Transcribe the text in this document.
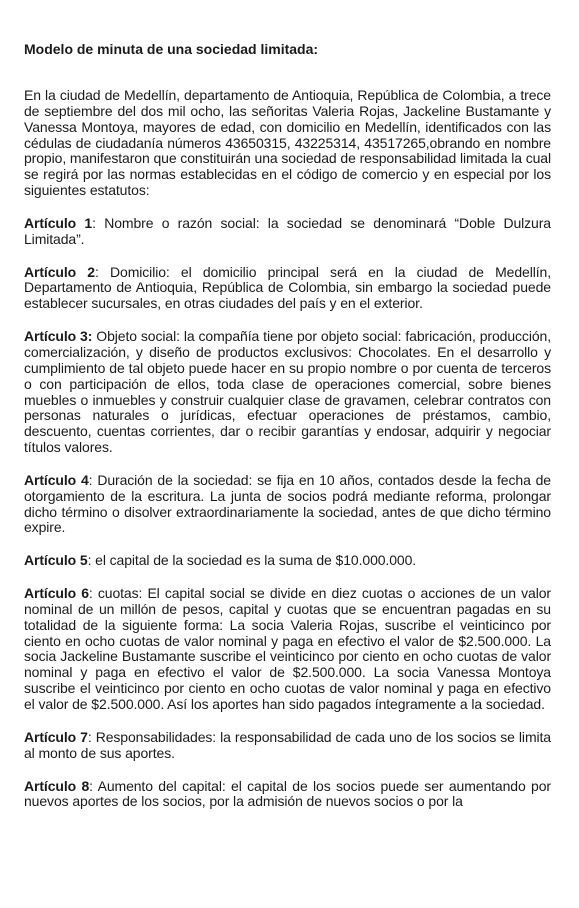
Modelo de minuta de una sociedad limitada:

En la ciudad de Medellín, departamento de Antioquia, República de Colombia, a trece de septiembre del dos mil ocho, las señoritas Valeria Rojas, Jackeline Bustamante y Vanessa Montoya, mayores de edad, con domicilio en Medellín, identificados con las cédulas de ciudadanía números 43650315, 43225314, 43517265,obrando en nombre propio, manifestaron que constituirán una sociedad de responsabilidad limitada la cual se regirá por las normas establecidas en el código de comercio y en especial por los siguientes estatutos:

Artículo 1: Nombre o razón social: la sociedad se denominará “Doble Dulzura Limitada”.

Artículo 2: Domicilio: el domicilio principal será en la ciudad de Medellín, Departamento de Antioquia, República de Colombia, sin embargo la sociedad puede establecer sucursales, en otras ciudades del país y en el exterior.

Artículo 3: Objeto social: la compañía tiene por objeto social: fabricación, producción, comercialización, y diseño de productos exclusivos: Chocolates. En el desarrollo y cumplimiento de tal objeto puede hacer en su propio nombre o por cuenta de terceros o con participación de ellos, toda clase de operaciones comercial, sobre bienes muebles o inmuebles y construir cualquier clase de gravamen, celebrar contratos con personas naturales o jurídicas, efectuar operaciones de préstamos, cambio, descuento, cuentas corrientes, dar o recibir garantías y endosar, adquirir y negociar títulos valores.

Artículo 4: Duración de la sociedad: se fija en 10 años, contados desde la fecha de otorgamiento de la escritura. La junta de socios podrá mediante reforma, prolongar dicho término o disolver extraordinariamente la sociedad, antes de que dicho término expire.

Artículo 5: el capital de la sociedad es la suma de $10.000.000.

Artículo 6: cuotas: El capital social se divide en diez cuotas o acciones de un valor nominal de un millón de pesos, capital y cuotas que se encuentran pagadas en su totalidad de la siguiente forma: La socia Valeria Rojas, suscribe el veinticinco por ciento en ocho cuotas de valor nominal y paga en efectivo el valor de $2.500.000. La socia Jackeline Bustamante suscribe el veinticinco por ciento en ocho cuotas de valor nominal y paga en efectivo el valor de $2.500.000. La socia Vanessa Montoya suscribe el veinticinco por ciento en ocho cuotas de valor nominal y paga en efectivo el valor de $2.500.000. Así los aportes han sido pagados íntegramente a la sociedad.

Artículo 7: Responsabilidades: la responsabilidad de cada uno de los socios se limita al monto de sus aportes.

Artículo 8: Aumento del capital: el capital de los socios puede ser aumentando por nuevos aportes de los socios, por la admisión de nuevos socios o por la
